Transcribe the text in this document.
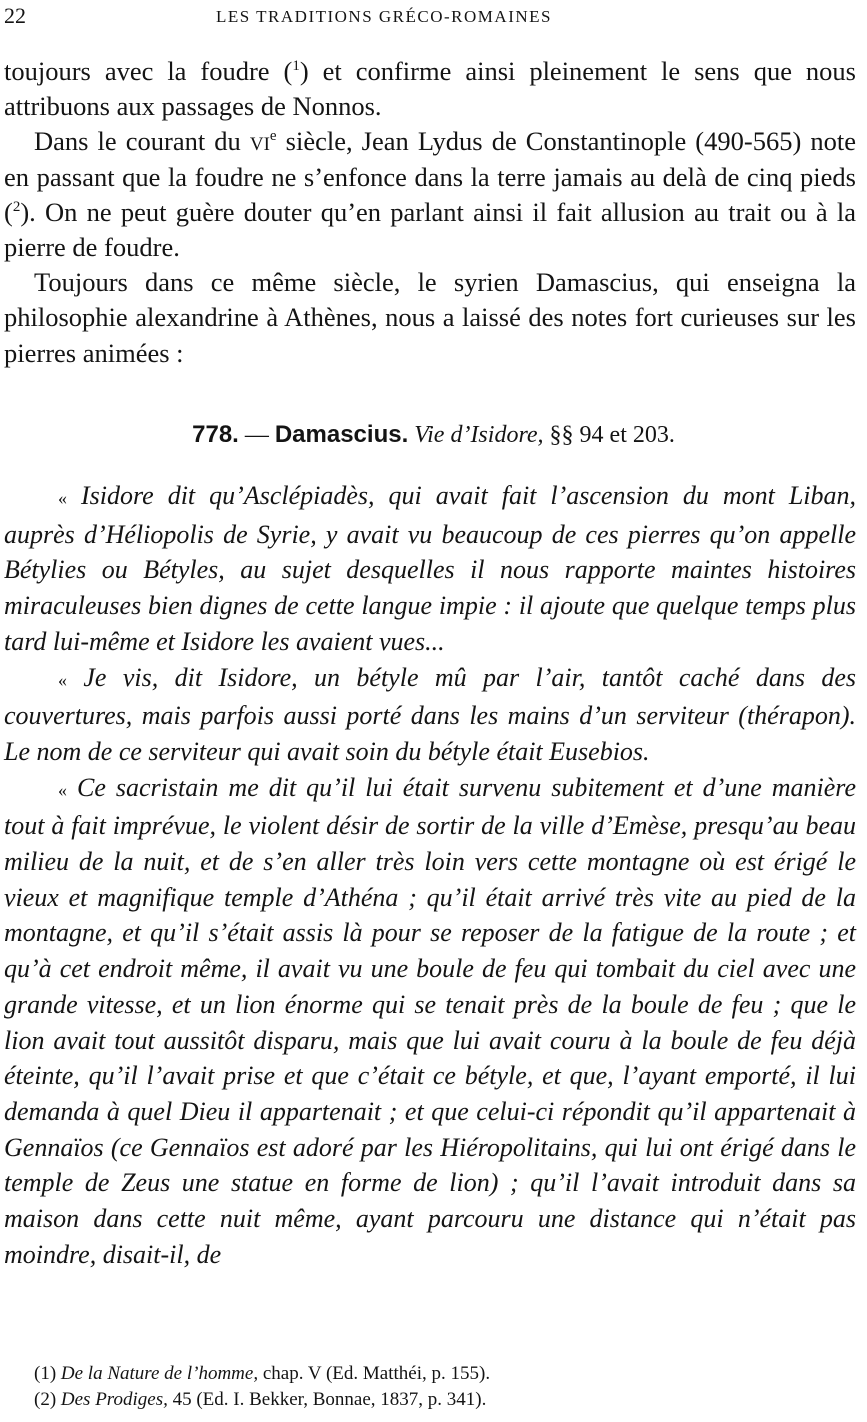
22	LES TRADITIONS GRÉCO-ROMAINES

toujours avec la foudre ($^1$) et confirme ainsi pleinement le sens que nous attribuons aux passages de Nonnos.

Dans le courant du $vi^e$ siècle, Jean Lydus de Constantinople (490-565) note en passant que la foudre ne s’enfonce dans la terre jamais au delà de cinq pieds ($^2$). On ne peut guère douter qu’en parlant ainsi il fait allusion au trait ou à la pierre de foudre.

Toujours dans ce même siècle, le syrien Damascius, qui enseigna la philosophie alexandrine à Athènes, nous a laissé des notes fort curieuses sur les pierres animées :

778. — Damascius. Vie d’Isidore, §§ 94 et 203.

« Isidore dit qu’Asclépiadès, qui avait fait l’ascension du mont Liban, auprès d’Héliopolis de Syrie, y avait vu beaucoup de ces pierres qu’on appelle Bétylies ou Bétyles, au sujet desquelles il nous rapporte maintes histoires miraculeuses bien dignes de cette langue impie : il ajoute que quelque temps plus tard lui-même et Isidore les avaient vues...

« Je vis, dit Isidore, un bétyle mû par l’air, tantôt caché dans des couvertures, mais parfois aussi porté dans les mains d’un serviteur (thérapon). Le nom de ce serviteur qui avait soin du bétyle était Eusebios.

« Ce sacristain me dit qu’il lui était survenu subitement et d’une manière tout à fait imprévue, le violent désir de sortir de la ville d’Emèse, presqu’au beau milieu de la nuit, et de s’en aller très loin vers cette montagne où est érigé le vieux et magnifique temple d’Athéna ; qu’il était arrivé très vite au pied de la montagne, et qu’il s’était assis là pour se reposer de la fatigue de la route ; et qu’à cet endroit même, il avait vu une boule de feu qui tombait du ciel avec une grande vitesse, et un lion énorme qui se tenait près de la boule de feu ; que le lion avait tout aussitôt disparu, mais que lui avait couru à la boule de feu déjà éteinte, qu’il l’avait prise et que c’était ce bétyle, et que, l’ayant emporté, il lui demanda à quel Dieu il appartenait ; et que celui-ci répondit qu’il appartenait à Gennaïos (ce Gennaïos est adoré par les Hiéropolitains, qui lui ont érigé dans le temple de Zeus une statue en forme de lion) ; qu’il l’avait introduit dans sa maison dans cette nuit même, ayant parcouru une distance qui n’était pas moindre, disait-il, de

(1) De la Nature de l’homme, chap. V (Ed. Matthéi, p. 155).
(2) Des Prodiges, 45 (Ed. I. Bekker, Bonnae, 1837, p. 341).
